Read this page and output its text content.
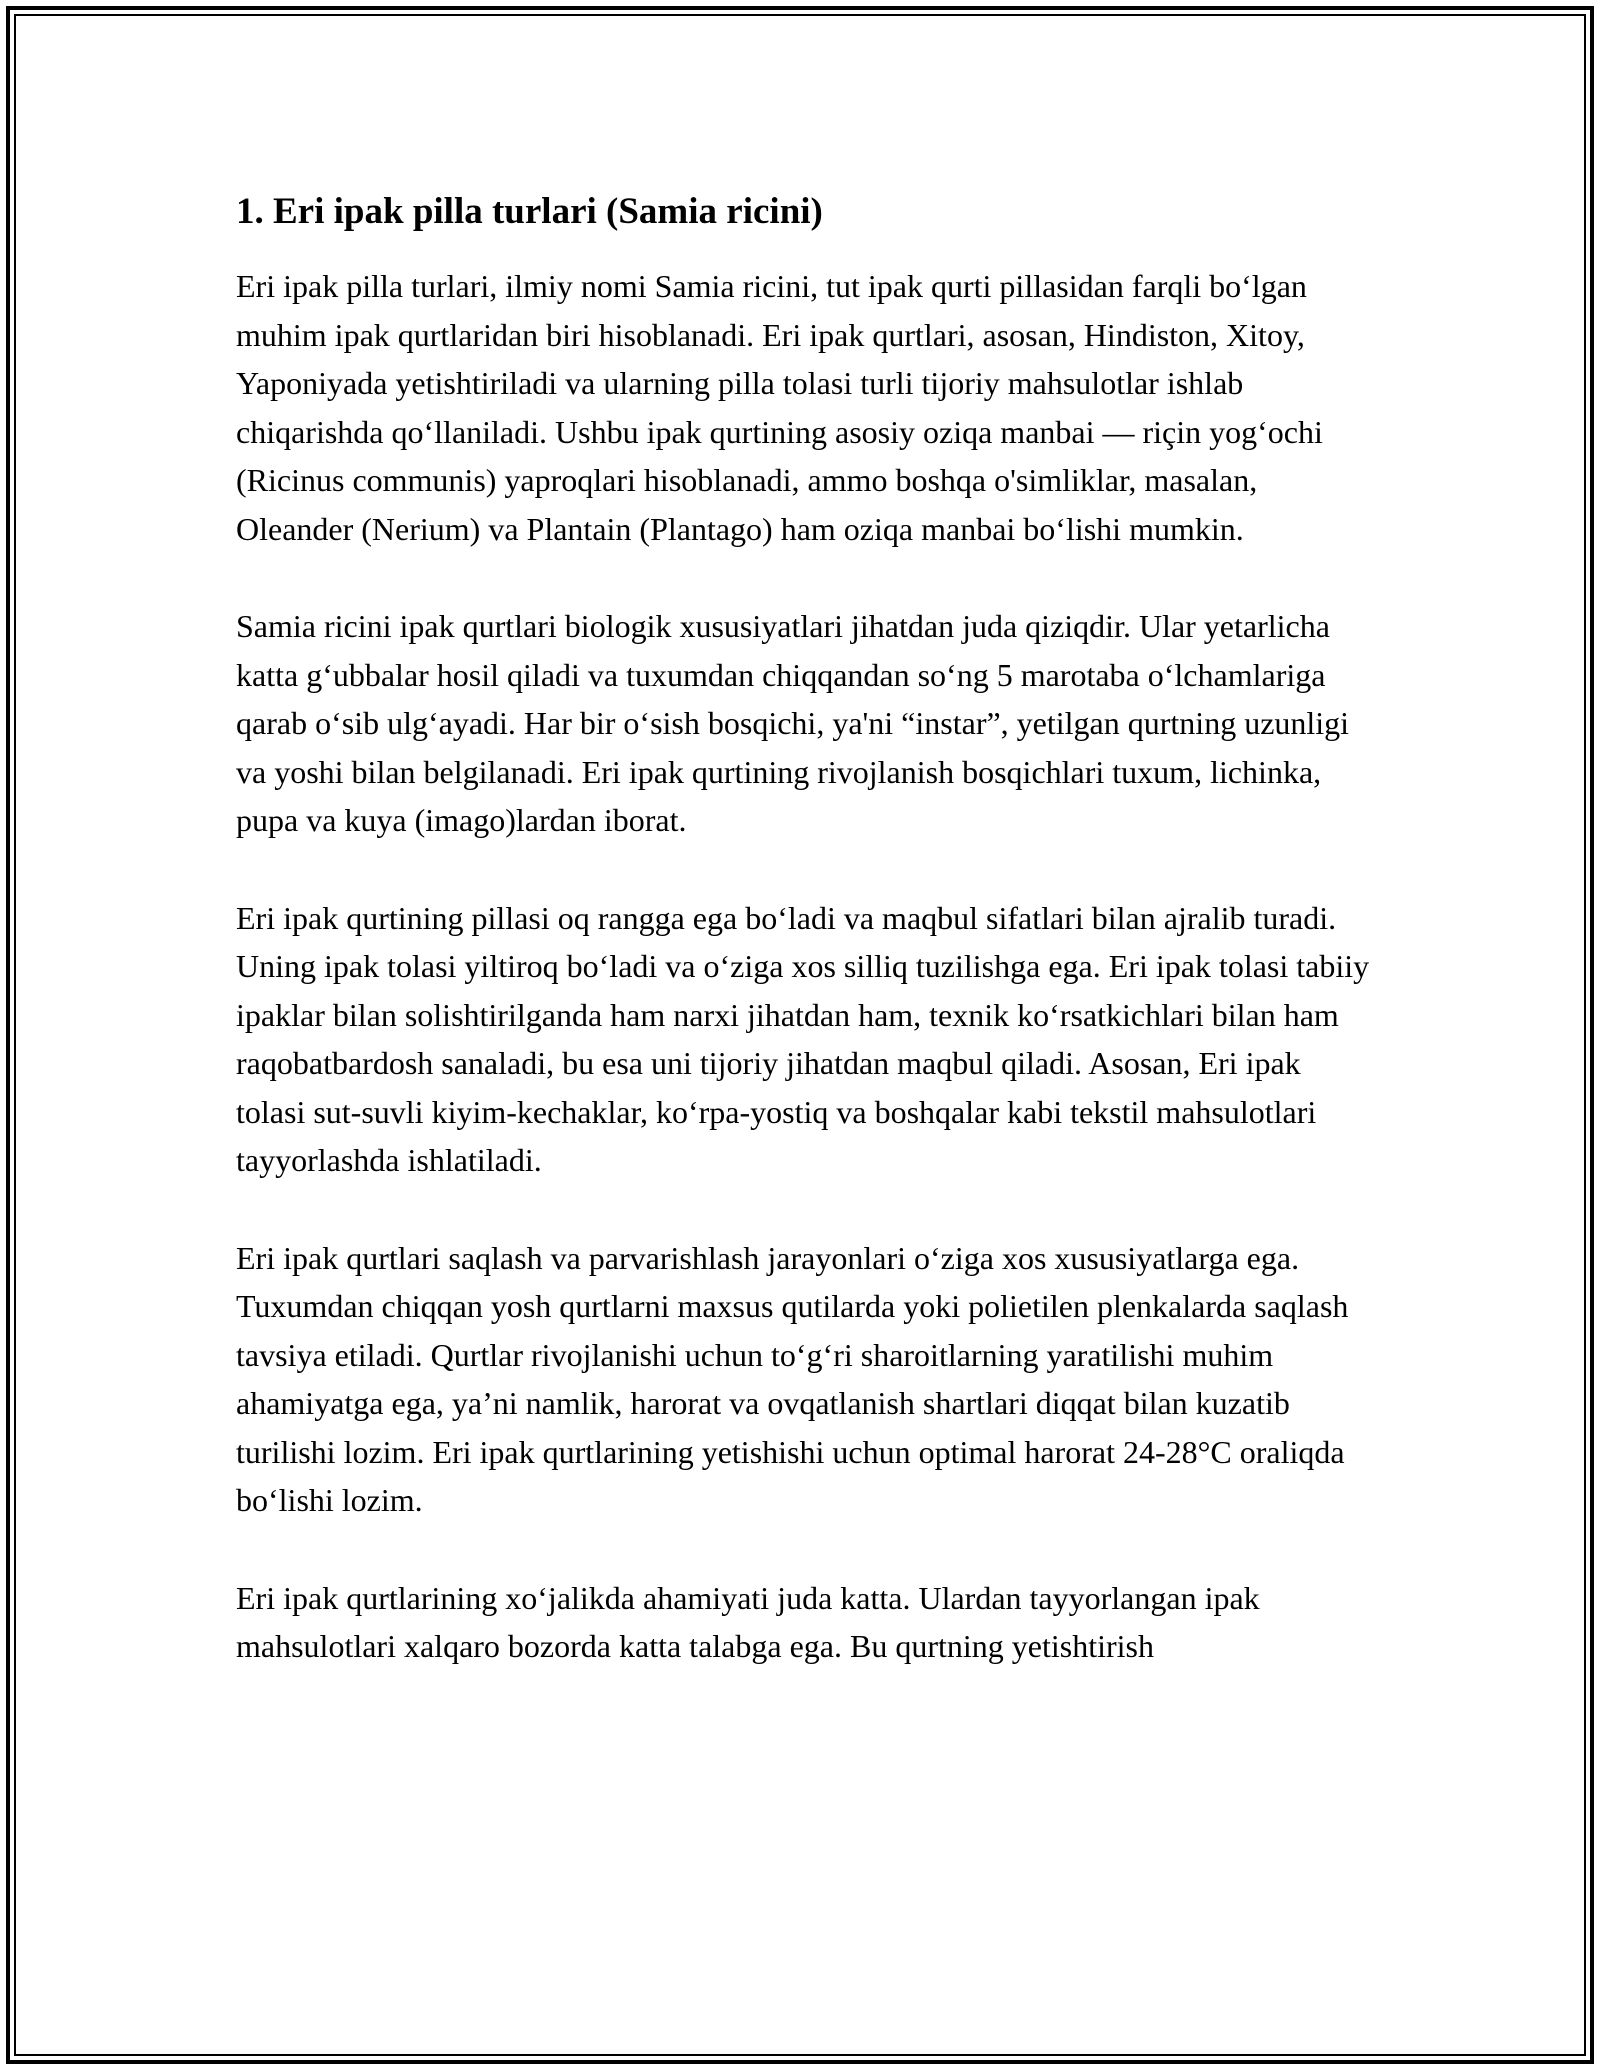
1. Eri ipak pilla turlari (Samia ricini)

Eri ipak pilla turlari, ilmiy nomi Samia ricini, tut ipak qurti pillasidan farqli boʻlgan muhim ipak qurtlaridan biri hisoblanadi. Eri ipak qurtlari, asosan, Hindiston, Xitoy, Yaponiyada yetishtiriladi va ularning pilla tolasi turli tijoriy mahsulotlar ishlab chiqarishda qoʻllaniladi. Ushbu ipak qurtining asosiy oziqa manbai — riçin yogʻochi (Ricinus communis) yaproqlari hisoblanadi, ammo boshqa o'simliklar, masalan, Oleander (Nerium) va Plantain (Plantago) ham oziqa manbai boʻlishi mumkin.

Samia ricini ipak qurtlari biologik xususiyatlari jihatdan juda qiziqdir. Ular yetarlicha katta gʻubbalar hosil qiladi va tuxumdan chiqqandan soʻng 5 marotaba oʻlchamlariga qarab oʻsib ulgʻayadi. Har bir oʻsish bosqichi, ya'ni “instar”, yetilgan qurtning uzunligi va yoshi bilan belgilanadi. Eri ipak qurtining rivojlanish bosqichlari tuxum, lichinka, pupa va kuya (imago)lardan iborat.

Eri ipak qurtining pillasi oq rangga ega boʻladi va maqbul sifatlari bilan ajralib turadi. Uning ipak tolasi yiltiroq boʻladi va oʻziga xos silliq tuzilishga ega. Eri ipak tolasi tabiiy ipaklar bilan solishtirilganda ham narxi jihatdan ham, texnik koʻrsatkichlari bilan ham raqobatbardosh sanaladi, bu esa uni tijoriy jihatdan maqbul qiladi. Asosan, Eri ipak tolasi sut-suvli kiyim-kechaklar, koʻrpa-yostiq va boshqalar kabi tekstil mahsulotlari tayyorlashda ishlatiladi.

Eri ipak qurtlari saqlash va parvarishlash jarayonlari oʻziga xos xususiyatlarga ega. Tuxumdan chiqqan yosh qurtlarni maxsus qutilarda yoki polietilen plenkalarda saqlash tavsiya etiladi. Qurtlar rivojlanishi uchun toʻgʻri sharoitlarning yaratilishi muhim ahamiyatga ega, yaʼni namlik, harorat va ovqatlanish shartlari diqqat bilan kuzatib turilishi lozim. Eri ipak qurtlarining yetishishi uchun optimal harorat 24-28°C oraliqda boʻlishi lozim.

Eri ipak qurtlarining xoʻjalikda ahamiyati juda katta. Ulardan tayyorlangan ipak mahsulotlari xalqaro bozorda katta talabga ega. Bu qurtning yetishtirish
